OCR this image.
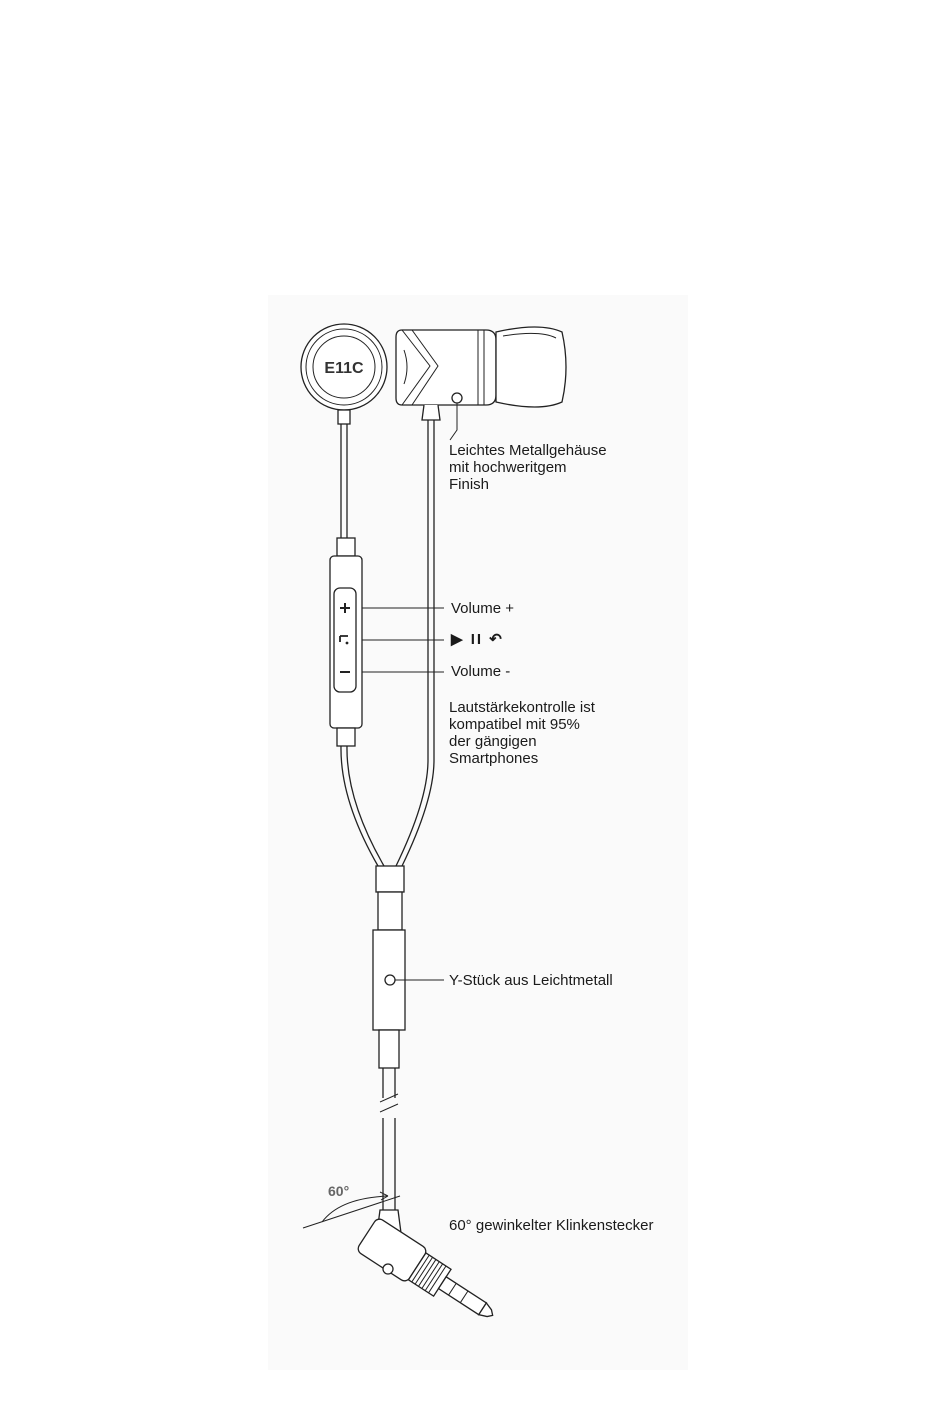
E11C
Leichtes Metallgehäuse
mit hochweritgem
Finish
Volume +
▶ II ↶
Volume -
Lautstärkekontrolle ist
kompatibel mit 95%
der gängigen
Smartphones
Y-Stück aus Leichtmetall
60°
60° gewinkelter Klinkenstecker
